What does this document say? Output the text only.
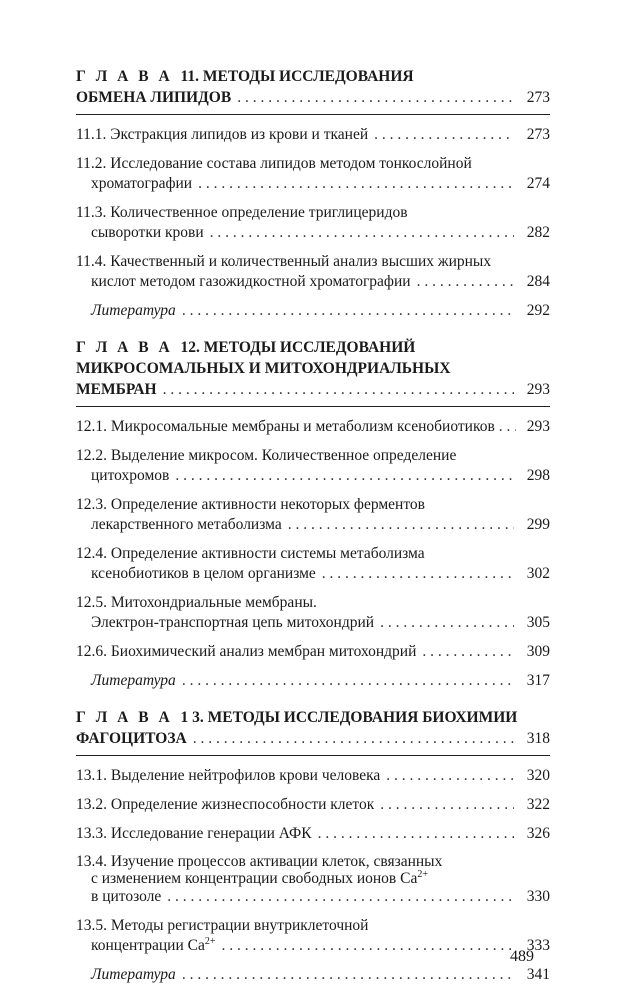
Г Л А В А 11. МЕТОДЫ ИССЛЕДОВАНИЯ
ОБМЕНА ЛИПИДОВ . . .	273
11.1. Экстракция липидов из крови и тканей . . .	273
11.2. Исследование состава липидов методом тонкослойной
хроматографии . . .	274
11.3. Количественное определение триглицеридов
сыворотки крови . . .	282
11.4. Качественный и количественный анализ высших жирных
кислот методом газожидкостной хроматографии . . .	284
Литература . . .	292
Г Л А В А 12. МЕТОДЫ ИССЛЕДОВАНИЙ
МИКРОСОМАЛЬНЫХ И МИТОХОНДРИАЛЬНЫХ
МЕМБРАН . . .	293
12.1. Микросомальные мембраны и метаболизм ксенобиотиков . . .	293
12.2. Выделение микросом. Количественное определение
цитохромов . . .	298
12.3. Определение активности некоторых ферментов
лекарственного метаболизма . . .	299
12.4. Определение активности системы метаболизма
ксенобиотиков в целом организме . . .	302
12.5. Митохондриальные мембраны.
Электрон-транспортная цепь митохондрий . . .	305
12.6. Биохимический анализ мембран митохондрий . . .	309
Литература . . .	317
Г Л А В А 1 3. МЕТОДЫ ИССЛЕДОВАНИЯ БИОХИМИИ
ФАГОЦИТОЗА . . .	318
13.1. Выделение нейтрофилов крови человека . . .	320
13.2. Определение жизнеспособности клеток . . .	322
13.3. Исследование генерации АФК . . .	326
13.4. Изучение процессов активации клеток, связанных
с изменением концентрации свободных ионов $Ca^{2+}$
в цитозоле . . .	330
13.5. Методы регистрации внутриклеточной
концентрации $Ca^{2+}$ . . .	333
Литература . . .	341
489
